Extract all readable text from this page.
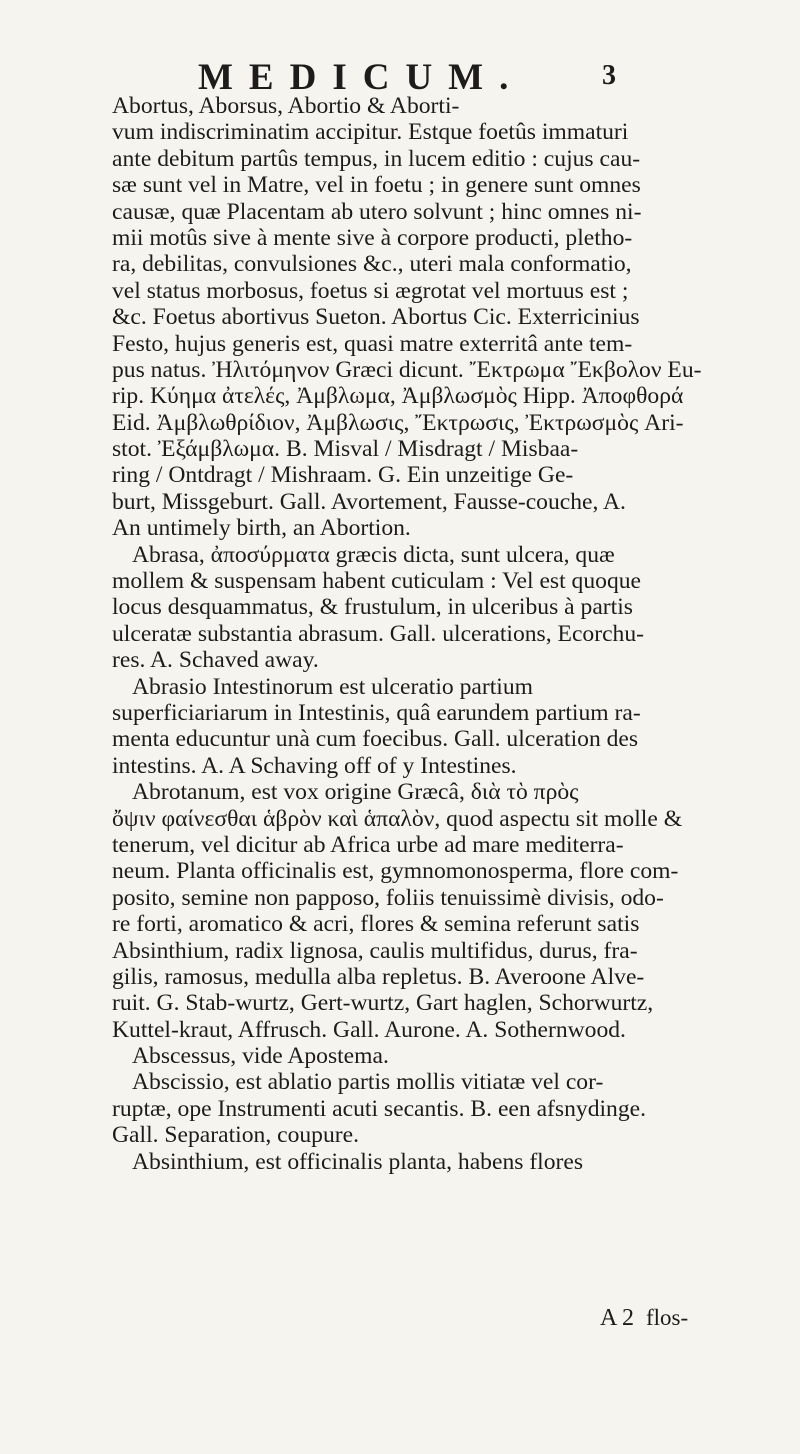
MEDICUM.	3
Abortus, Aborsus, Abortio & Aborti-
vum indiscriminatim accipitur. Estque foetûs immaturi
ante debitum partûs tempus, in lucem editio : cujus cau-
sæ sunt vel in Matre, vel in foetu ; in genere sunt omnes
causæ, quæ Placentam ab utero solvunt ; hinc omnes ni-
mii motûs sive à mente sive à corpore producti, pletho-
ra, debilitas, convulsiones &c., uteri mala conformatio,
vel status morbosus, foetus si ægrotat vel mortuus est ;
&c. Foetus abortivus Sueton. Abortus Cic. Exterricinius
Festo, hujus generis est, quasi matre exterritâ ante tem-
pus natus. Ἠλιτόμηνον Græci dicunt. Ἔκτρωμα Ἔκβολον Eu-
rip. Κύημα ἀτελές, Ἀμβλωμα, Ἀμβλωσμὸς Hipp. Ἀποφθορά
Eid. Ἀμβλωθρίδιον, Ἀμβλωσις, Ἔκτρωσις, Ἐκτρωσμὸς Ari-
stot. Ἐξάμβλωμα. B. Misval / Misdragt / Misbaa-
ring / Ontdragt / Mishraam. G. Ein unzeitige Ge-
burt, Missgeburt. Gall. Avortement, Fausse-couche, A.
An untimely birth, an Abortion.
Abrasa, ἀποσύρματα græcis dicta, sunt ulcera, quæ
mollem & suspensam habent cuticulam : Vel est quoque
locus desquammatus, & frustulum, in ulceribus à partis
ulceratæ substantia abrasum. Gall. ulcerations, Ecorchu-
res. A. Schaved away.
Abrasio Intestinorum est ulceratio partium
superficiariarum in Intestinis, quâ earundem partium ra-
menta educuntur unà cum foecibus. Gall. ulceration des
intestins. A. A Schaving off of y Intestines.
Abrotanum, est vox origine Græcâ, διὰ τὸ πρὸς
ὄψιν φαίνεσθαι ἁβρὸν καὶ ἁπαλὸν, quod aspectu sit molle &
tenerum, vel dicitur ab Africa urbe ad mare mediterra-
neum. Planta officinalis est, gymnomonosperma, flore com-
posito, semine non papposo, foliis tenuissimè divisis, odo-
re forti, aromatico & acri, flores & semina referunt satis
Absinthium, radix lignosa, caulis multifidus, durus, fra-
gilis, ramosus, medulla alba repletus. B. Averoone Alve-
ruit. G. Stab-wurtz, Gert-wurtz, Gart haglen, Schorwurtz,
Kuttel-kraut, Affrusch. Gall. Aurone. A. Sothernwood.
Abscessus, vide Apostema.
Abscissio, est ablatio partis mollis vitiatæ vel cor-
ruptæ, ope Instrumenti acuti secantis. B. een afsnydinge.
Gall. Separation, coupure.
Absinthium, est officinalis planta, habens flores
A 2 flos-
